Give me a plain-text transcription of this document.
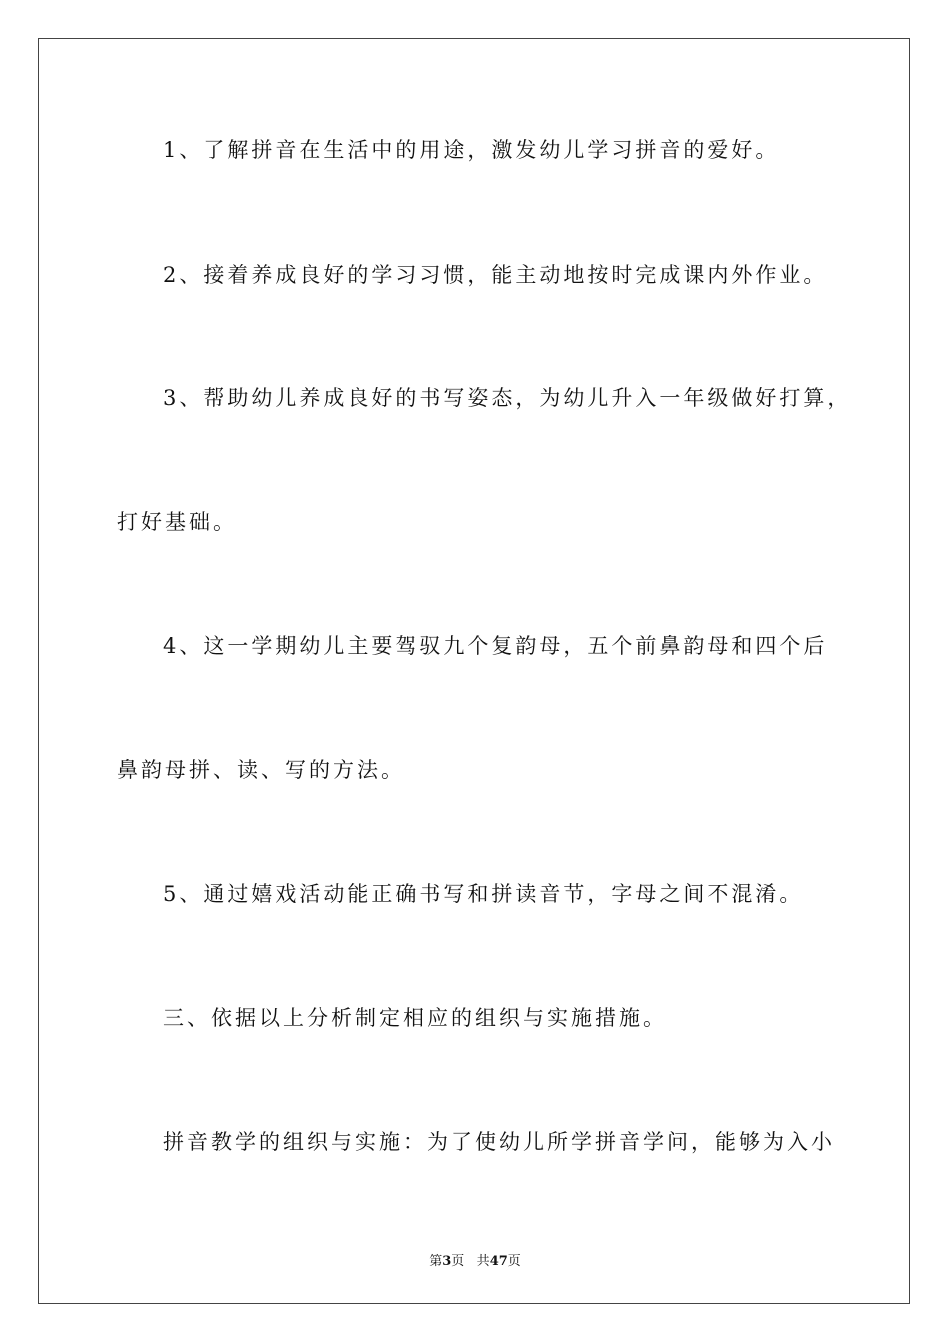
1、了解拼音在生活中的用途，激发幼儿学习拼音的爱好。
2、接着养成良好的学习习惯，能主动地按时完成课内外作业。
3、帮助幼儿养成良好的书写姿态，为幼儿升入一年级做好打算，
打好基础。
4、这一学期幼儿主要驾驭九个复韵母，五个前鼻韵母和四个后
鼻韵母拼、读、写的方法。
5、通过嬉戏活动能正确书写和拼读音节，字母之间不混淆。
三、依据以上分析制定相应的组织与实施措施。
拼音教学的组织与实施：为了使幼儿所学拼音学问，能够为入小
第3页 共47页
